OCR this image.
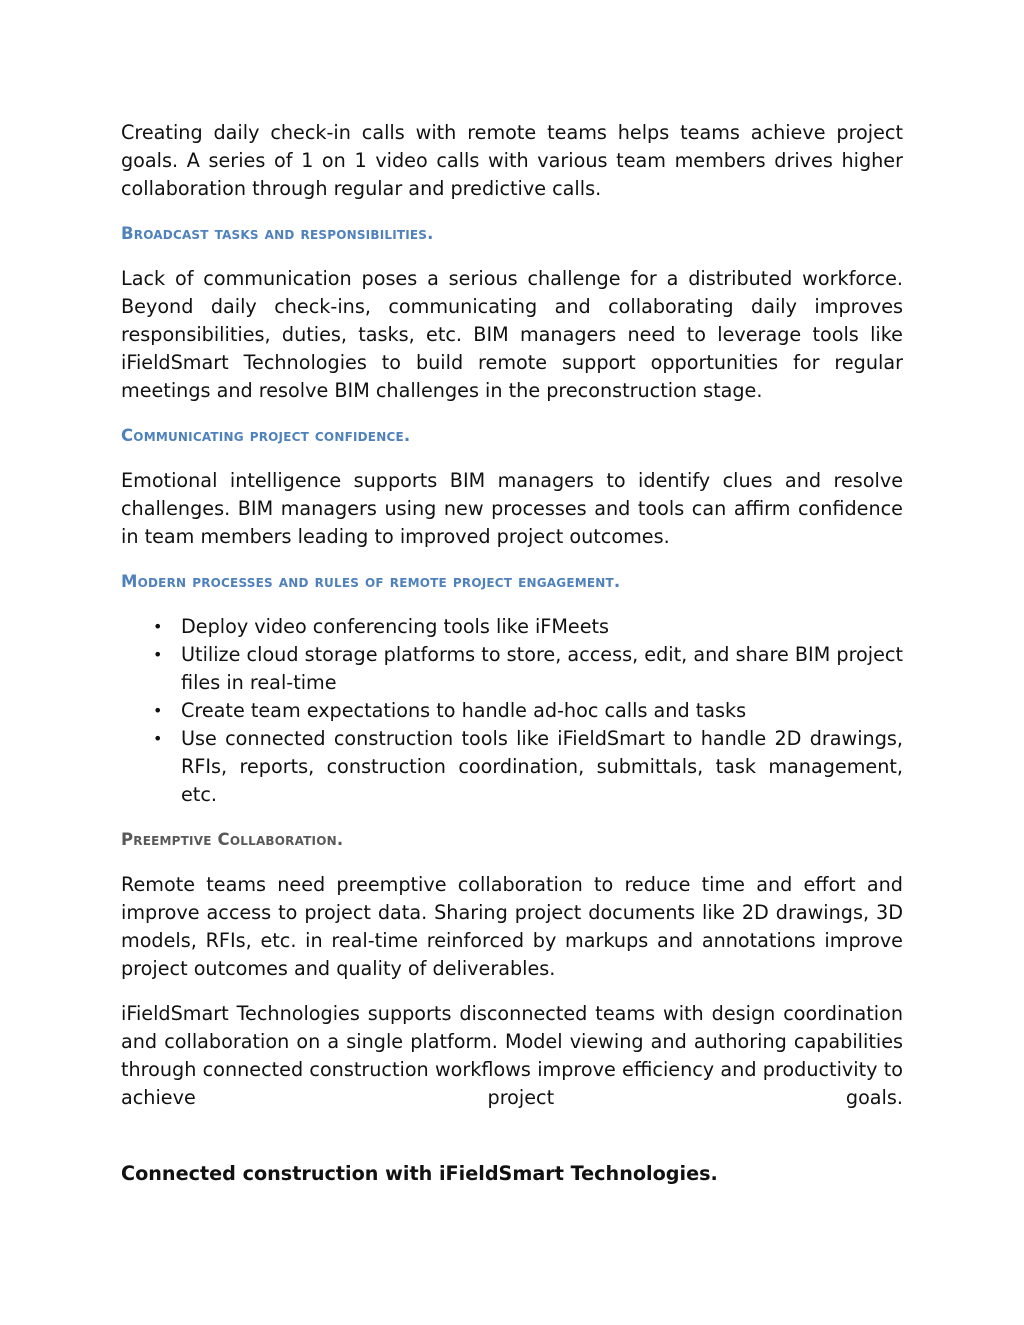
Creating daily check-in calls with remote teams helps teams achieve project goals. A series of 1 on 1 video calls with various team members drives higher collaboration through regular and predictive calls.

Broadcast tasks and responsibilities.

Lack of communication poses a serious challenge for a distributed workforce. Beyond daily check-ins, communicating and collaborating daily improves responsibilities, duties, tasks, etc. BIM managers need to leverage tools like iFieldSmart Technologies to build remote support opportunities for regular meetings and resolve BIM challenges in the preconstruction stage.

Communicating project confidence.

Emotional intelligence supports BIM managers to identify clues and resolve challenges. BIM managers using new processes and tools can affirm confidence in team members leading to improved project outcomes.

Modern processes and rules of remote project engagement.
• Deploy video conferencing tools like iFMeets
• Utilize cloud storage platforms to store, access, edit, and share BIM project files in real-time
• Create team expectations to handle ad-hoc calls and tasks
• Use connected construction tools like iFieldSmart to handle 2D drawings, RFIs, reports, construction coordination, submittals, task management, etc.
Preemptive Collaboration.

Remote teams need preemptive collaboration to reduce time and effort and improve access to project data. Sharing project documents like 2D drawings, 3D models, RFIs, etc. in real-time reinforced by markups and annotations improve project outcomes and quality of deliverables.

iFieldSmart Technologies supports disconnected teams with design coordination and collaboration on a single platform. Model viewing and authoring capabilities through connected construction workflows improve efficiency and productivity to achieve project goals.

Connected construction with iFieldSmart Technologies.
